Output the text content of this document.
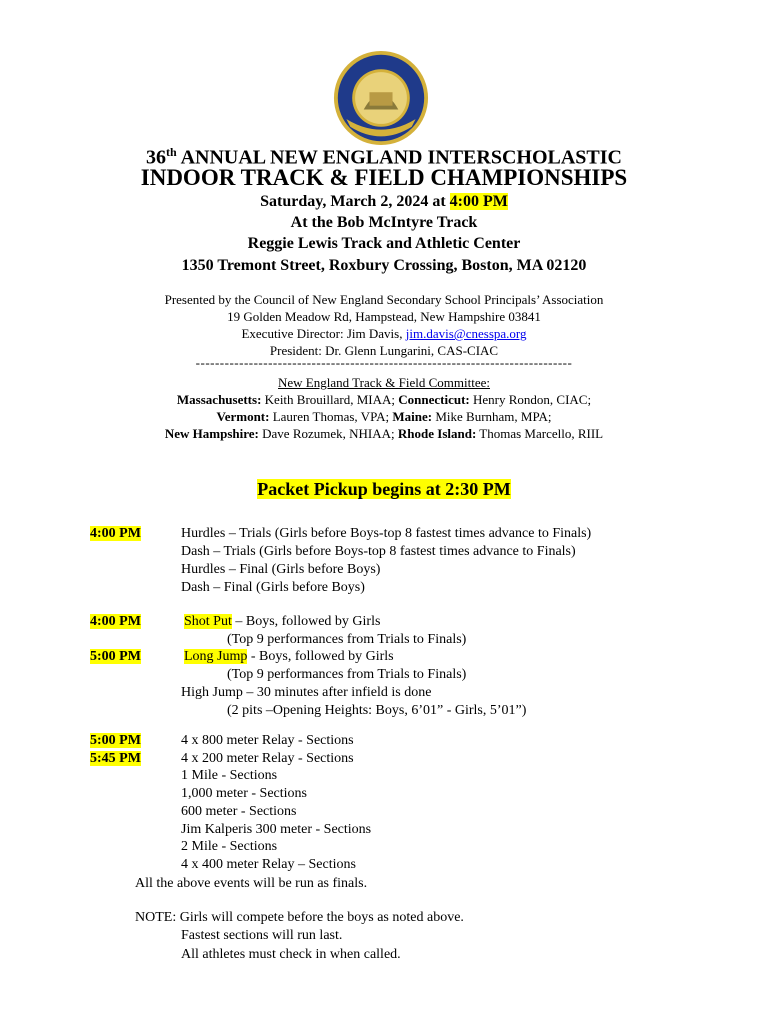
36th ANNUAL NEW ENGLAND INTERSCHOLASTIC
INDOOR TRACK & FIELD CHAMPIONSHIPS
Saturday, March 2, 2024 at 4:00 PM
At the Bob McIntyre Track
Reggie Lewis Track and Athletic Center
1350 Tremont Street, Roxbury Crossing, Boston, MA 02120
Presented by the Council of New England Secondary School Principals’ Association
19 Golden Meadow Rd, Hampstead, New Hampshire 03841
Executive Director: Jim Davis, jim.davis@cnesspa.org
President: Dr. Glenn Lungarini, CAS-CIAC
------------------------------------------------------------------------------
New England Track & Field Committee:
Massachusetts: Keith Brouillard, MIAA; Connecticut: Henry Rondon, CIAC;
Vermont: Lauren Thomas, VPA; Maine: Mike Burnham, MPA;
New Hampshire: Dave Rozumek, NHIAA; Rhode Island: Thomas Marcello, RIIL
Packet Pickup begins at 2:30 PM
4:00 PM	Hurdles – Trials (Girls before Boys-top 8 fastest times advance to Finals)
Dash – Trials (Girls before Boys-top 8 fastest times advance to Finals)
Hurdles – Final (Girls before Boys)
Dash – Final (Girls before Boys)
4:00 PM	Shot Put – Boys, followed by Girls
(Top 9 performances from Trials to Finals)
5:00 PM	Long Jump - Boys, followed by Girls
(Top 9 performances from Trials to Finals)
High Jump – 30 minutes after infield is done
(2 pits –Opening Heights: Boys, 6’01” - Girls, 5’01”)
5:00 PM	4 x 800 meter Relay - Sections
5:45 PM	4 x 200 meter Relay - Sections
1 Mile - Sections
1,000 meter - Sections
600 meter - Sections
Jim Kalperis 300 meter - Sections
2 Mile - Sections
4 x 400 meter Relay – Sections
All the above events will be run as finals.
NOTE: Girls will compete before the boys as noted above.
Fastest sections will run last.
All athletes must check in when called.
